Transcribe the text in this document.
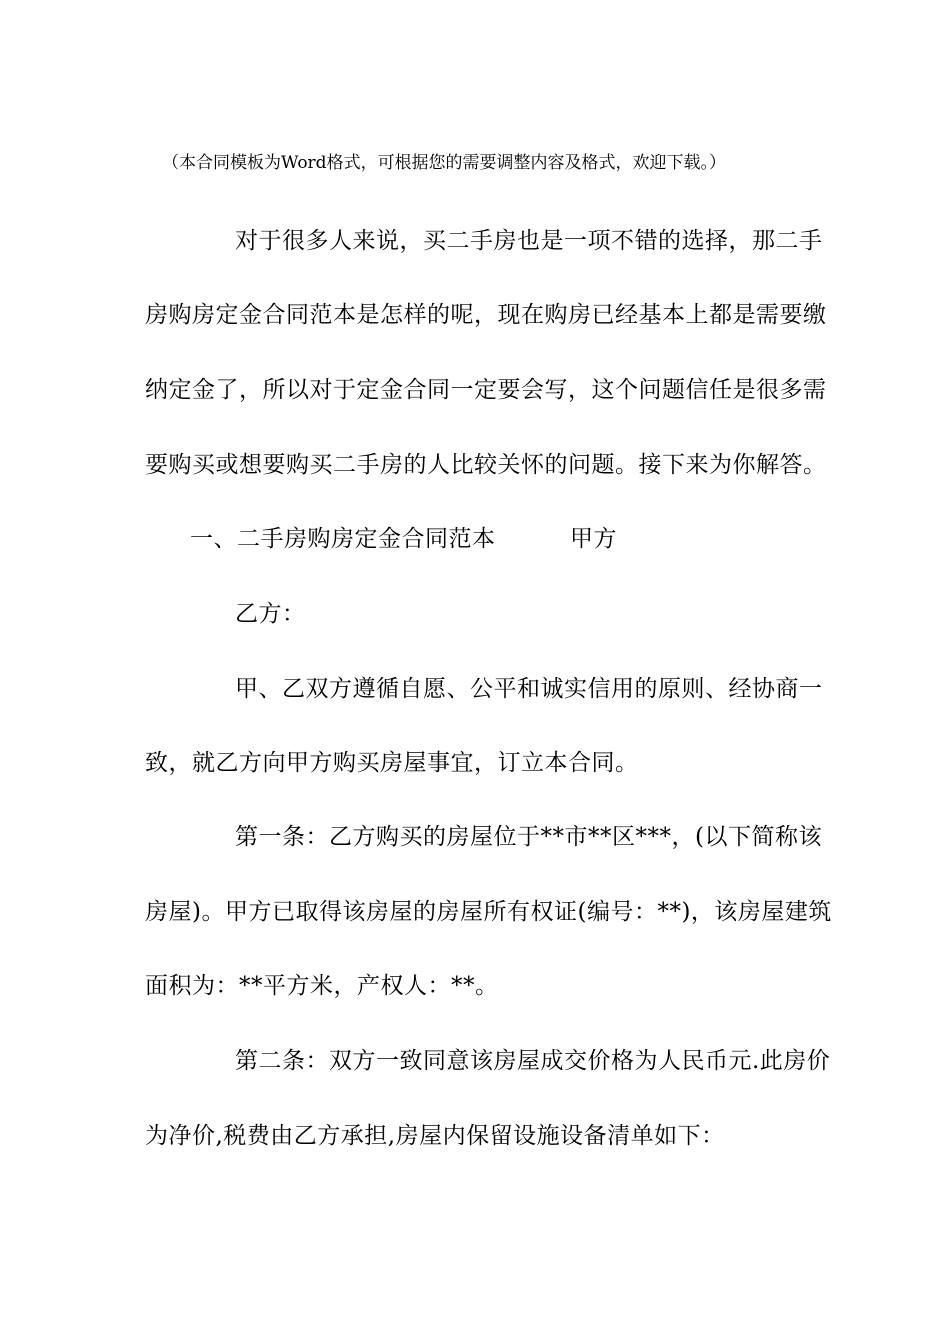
（本合同模板为Word格式，可根据您的需要调整内容及格式，欢迎下载。）
对于很多人来说，买二手房也是一项不错的选择，那二手
房购房定金合同范本是怎样的呢，现在购房已经基本上都是需要缴
纳定金了，所以对于定金合同一定要会写，这个问题信任是很多需
要购买或想要购买二手房的人比较关怀的问题。接下来为你解答。
一、二手房购房定金合同范本	甲方
乙方：
甲、乙双方遵循自愿、公平和诚实信用的原则、经协商一
致，就乙方向甲方购买房屋事宜，订立本合同。
第一条：乙方购买的房屋位于**市**区***，(以下简称该
房屋)。甲方已取得该房屋的房屋所有权证(编号：**)，该房屋建筑
面积为：**平方米，产权人：**。
第二条：双方一致同意该房屋成交价格为人民币元.此房价
为净价,税费由乙方承担,房屋内保留设施设备清单如下：
